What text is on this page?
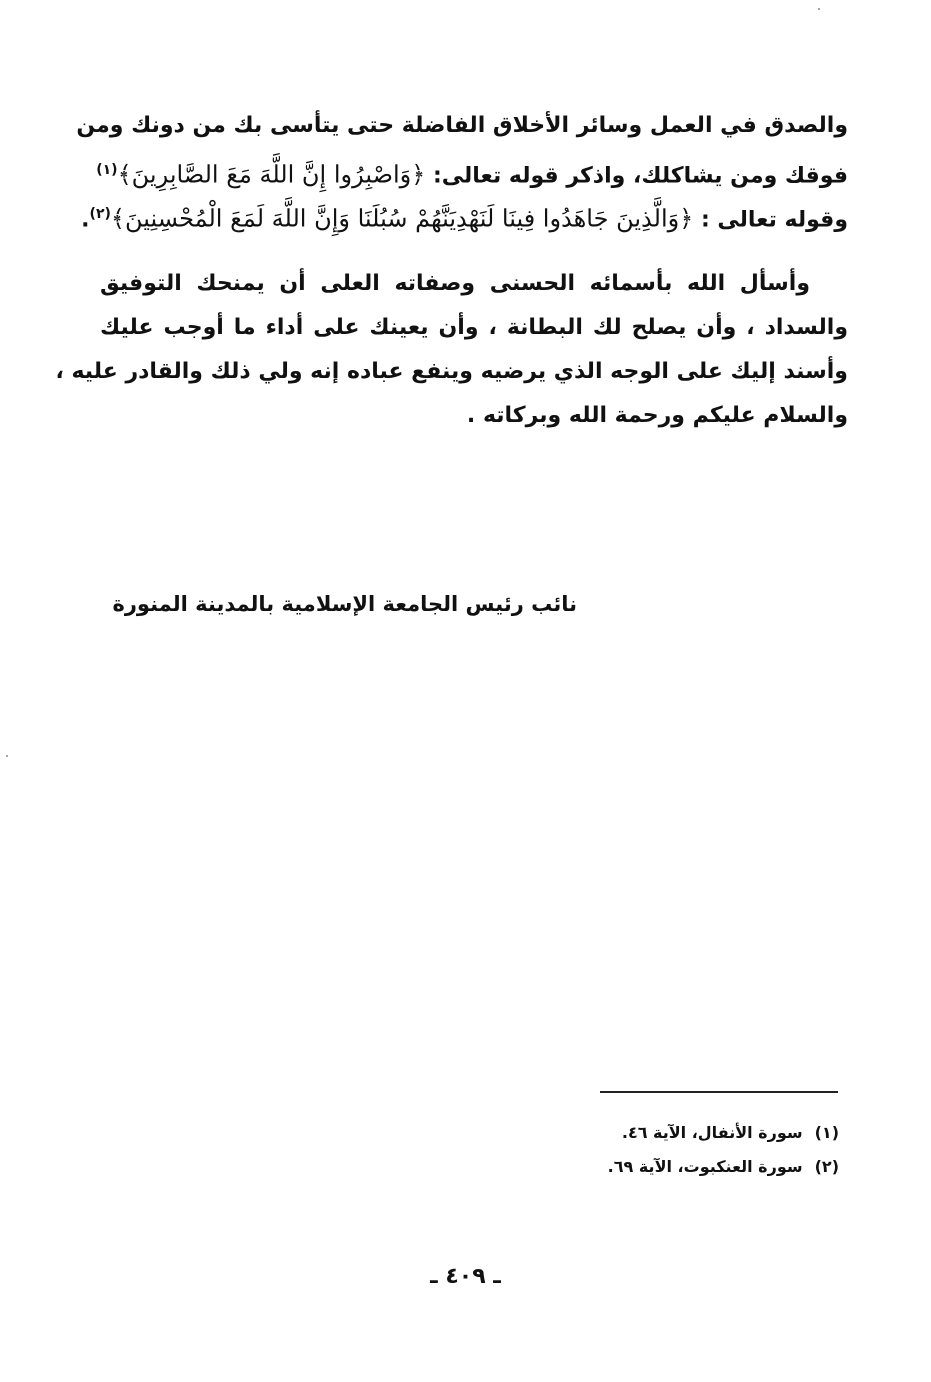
والصدق في العمل وسائر الأخلاق الفاضلة حتى يتأسى بك من دونك ومن
فوقك ومن يشاكلك، واذكر قوله تعالى: ﴿وَاصْبِرُوا إِنَّ اللَّهَ مَعَ الصَّابِرِينَ﴾$^{(١)}$
وقوله تعالى : ﴿وَالَّذِينَ جَاهَدُوا فِينَا لَنَهْدِيَنَّهُمْ سُبُلَنَا وَإِنَّ اللَّهَ لَمَعَ الْمُحْسِنِينَ﴾$^{(٢)}$.
وأسأل الله بأسمائه الحسنى وصفاته العلى أن يمنحك التوفيق
والسداد ، وأن يصلح لك البطانة ، وأن يعينك على أداء ما أوجب عليك
وأسند إليك على الوجه الذي يرضيه وينفع عباده إنه ولي ذلك والقادر عليه ،
والسلام عليكم ورحمة الله وبركاته .
نائب رئيس الجامعة الإسلامية بالمدينة المنورة
(١)سورة الأنفال، الآية ٤٦.
(٢)سورة العنكبوت، الآية ٦٩.
ـ ٤٠٩ ـ
